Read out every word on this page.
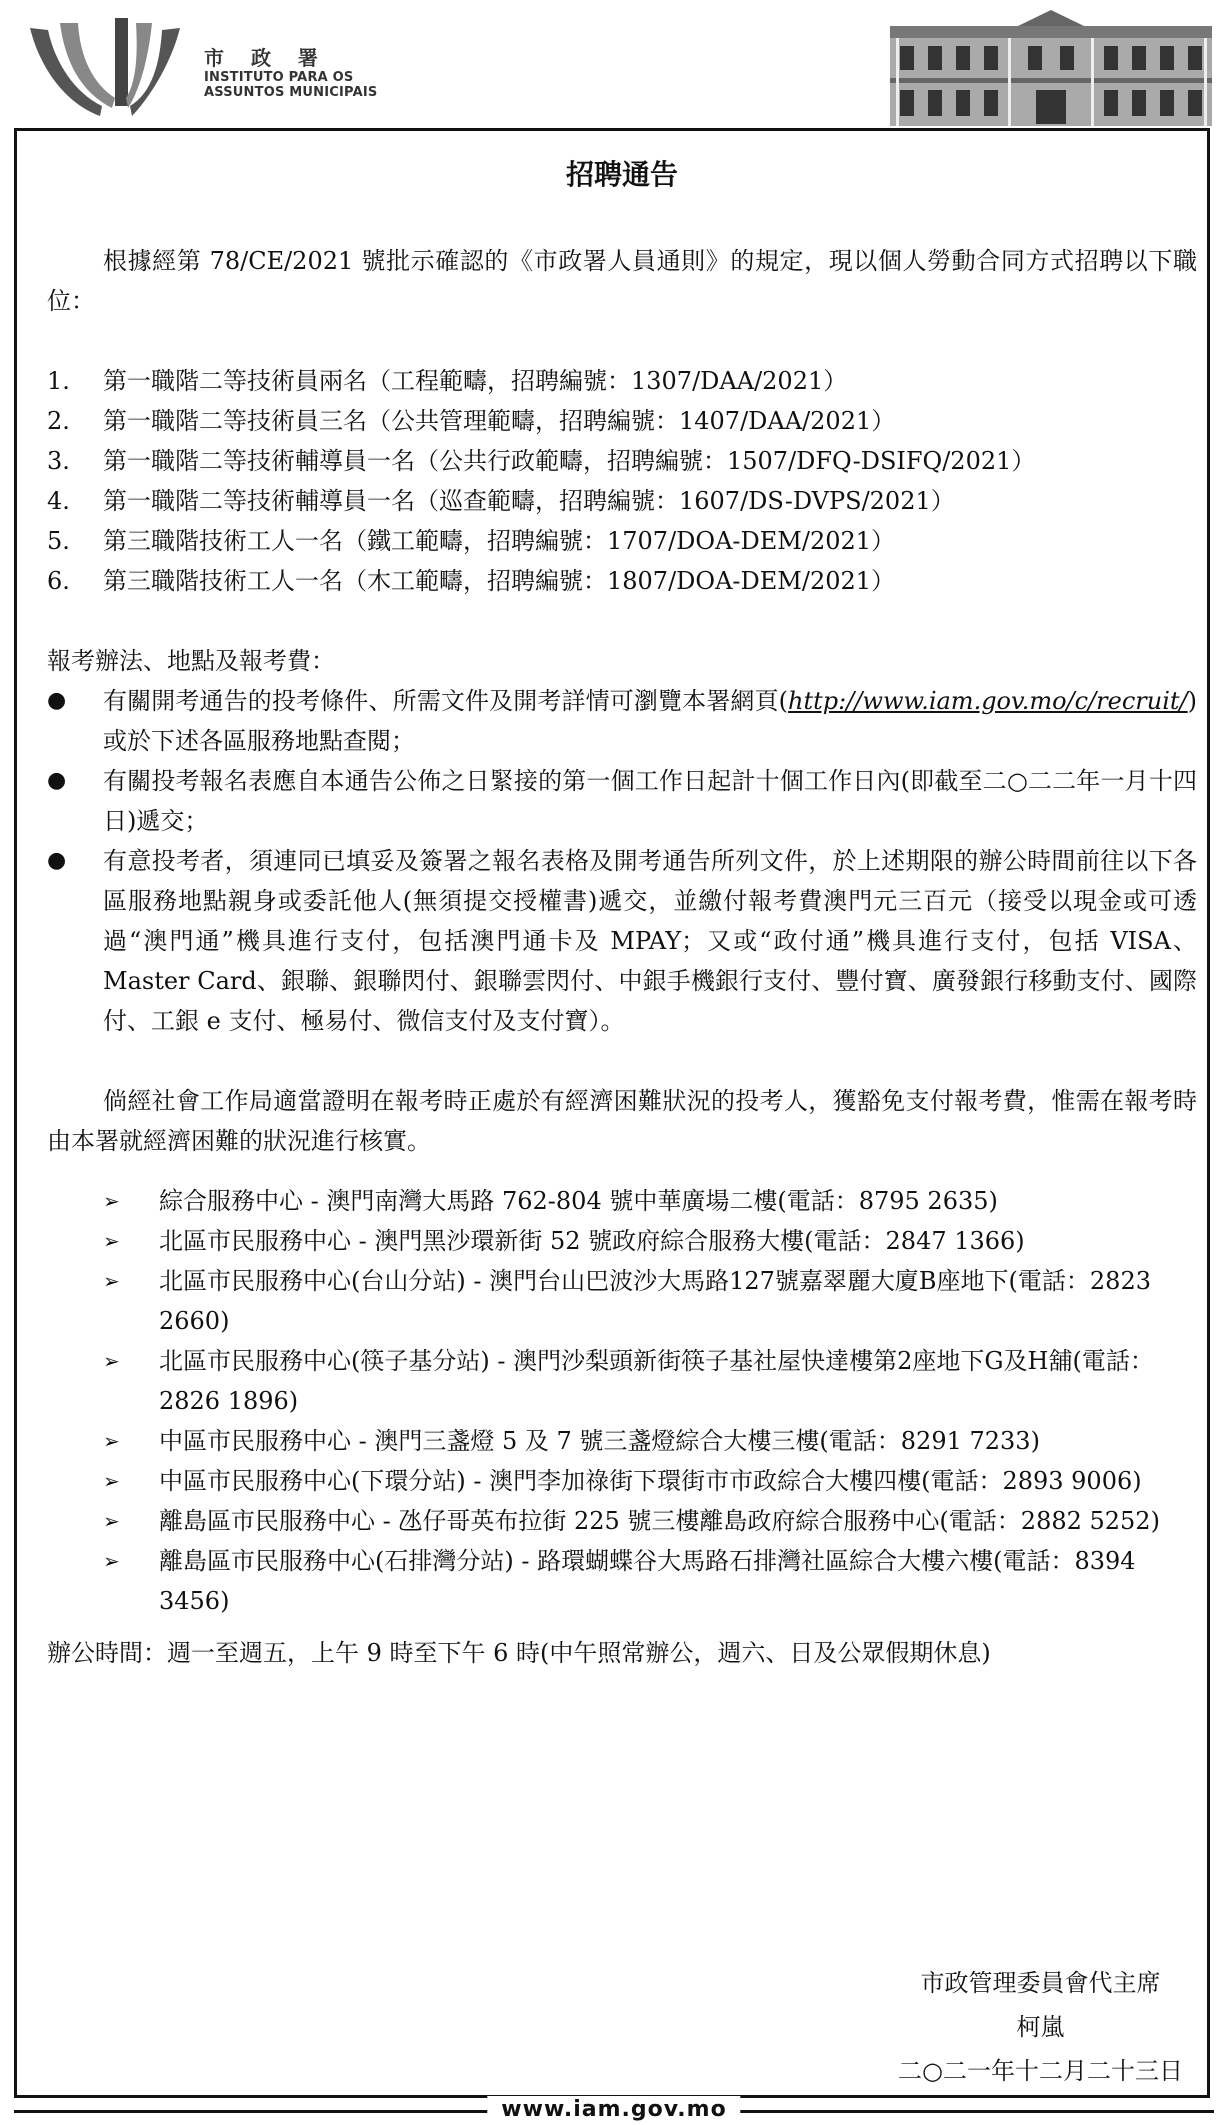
市 政 署
INSTITUTO PARA OS
ASSUNTOS MUNICIPAIS
招聘通告

根據經第 78/CE/2021 號批示確認的《市政署人員通則》的規定，現以個人勞動合同方式招聘以下職位：

1.	第一職階二等技術員兩名（工程範疇，招聘編號：1307/DAA/2021）
2.	第一職階二等技術員三名（公共管理範疇，招聘編號：1407/DAA/2021）
3.	第一職階二等技術輔導員一名（公共行政範疇，招聘編號：1507/DFQ-DSIFQ/2021）
4.	第一職階二等技術輔導員一名（巡查範疇，招聘編號：1607/DS-DVPS/2021）
5.	第三職階技術工人一名（鐵工範疇，招聘編號：1707/DOA-DEM/2021）
6.	第三職階技術工人一名（木工範疇，招聘編號：1807/DOA-DEM/2021）

報考辦法、地點及報考費：

●	有關開考通告的投考條件、所需文件及開考詳情可瀏覽本署網頁(http://www.iam.gov.mo/c/recruit/)或於下述各區服務地點查閱；
●	有關投考報名表應自本通告公佈之日緊接的第一個工作日起計十個工作日內(即截至二○二二年一月十四日)遞交；
●	有意投考者，須連同已填妥及簽署之報名表格及開考通告所列文件，於上述期限的辦公時間前往以下各區服務地點親身或委託他人(無須提交授權書)遞交，並繳付報考費澳門元三百元（接受以現金或可透過“澳門通”機具進行支付，包括澳門通卡及 MPAY；又或“政付通”機具進行支付，包括 VISA、Master Card、銀聯、銀聯閃付、銀聯雲閃付、中銀手機銀行支付、豐付寶、廣發銀行移動支付、國際付、工銀 e 支付、極易付、微信支付及支付寶）。

倘經社會工作局適當證明在報考時正處於有經濟困難狀況的投考人，獲豁免支付報考費，惟需在報考時由本署就經濟困難的狀況進行核實。

➢	綜合服務中心 - 澳門南灣大馬路 762-804 號中華廣場二樓(電話：8795 2635)
➢	北區市民服務中心 - 澳門黑沙環新街 52 號政府綜合服務大樓(電話：2847 1366)
➢	北區市民服務中心(台山分站) - 澳門台山巴波沙大馬路127號嘉翠麗大廈B座地下(電話：2823 2660)
➢	北區市民服務中心(筷子基分站) - 澳門沙梨頭新街筷子基社屋快達樓第2座地下G及H舖(電話：2826 1896)
➢	中區市民服務中心 - 澳門三盞燈 5 及 7 號三盞燈綜合大樓三樓(電話：8291 7233)
➢	中區市民服務中心(下環分站) - 澳門李加祿街下環街市市政綜合大樓四樓(電話：2893 9006)
➢	離島區市民服務中心 - 氹仔哥英布拉街 225 號三樓離島政府綜合服務中心(電話：2882 5252)
➢	離島區市民服務中心(石排灣分站) - 路環蝴蝶谷大馬路石排灣社區綜合大樓六樓(電話：8394 3456)

辦公時間：週一至週五，上午 9 時至下午 6 時(中午照常辦公，週六、日及公眾假期休息)

市政管理委員會代主席
柯嵐
二○二一年十二月二十三日
www.iam.gov.mo
